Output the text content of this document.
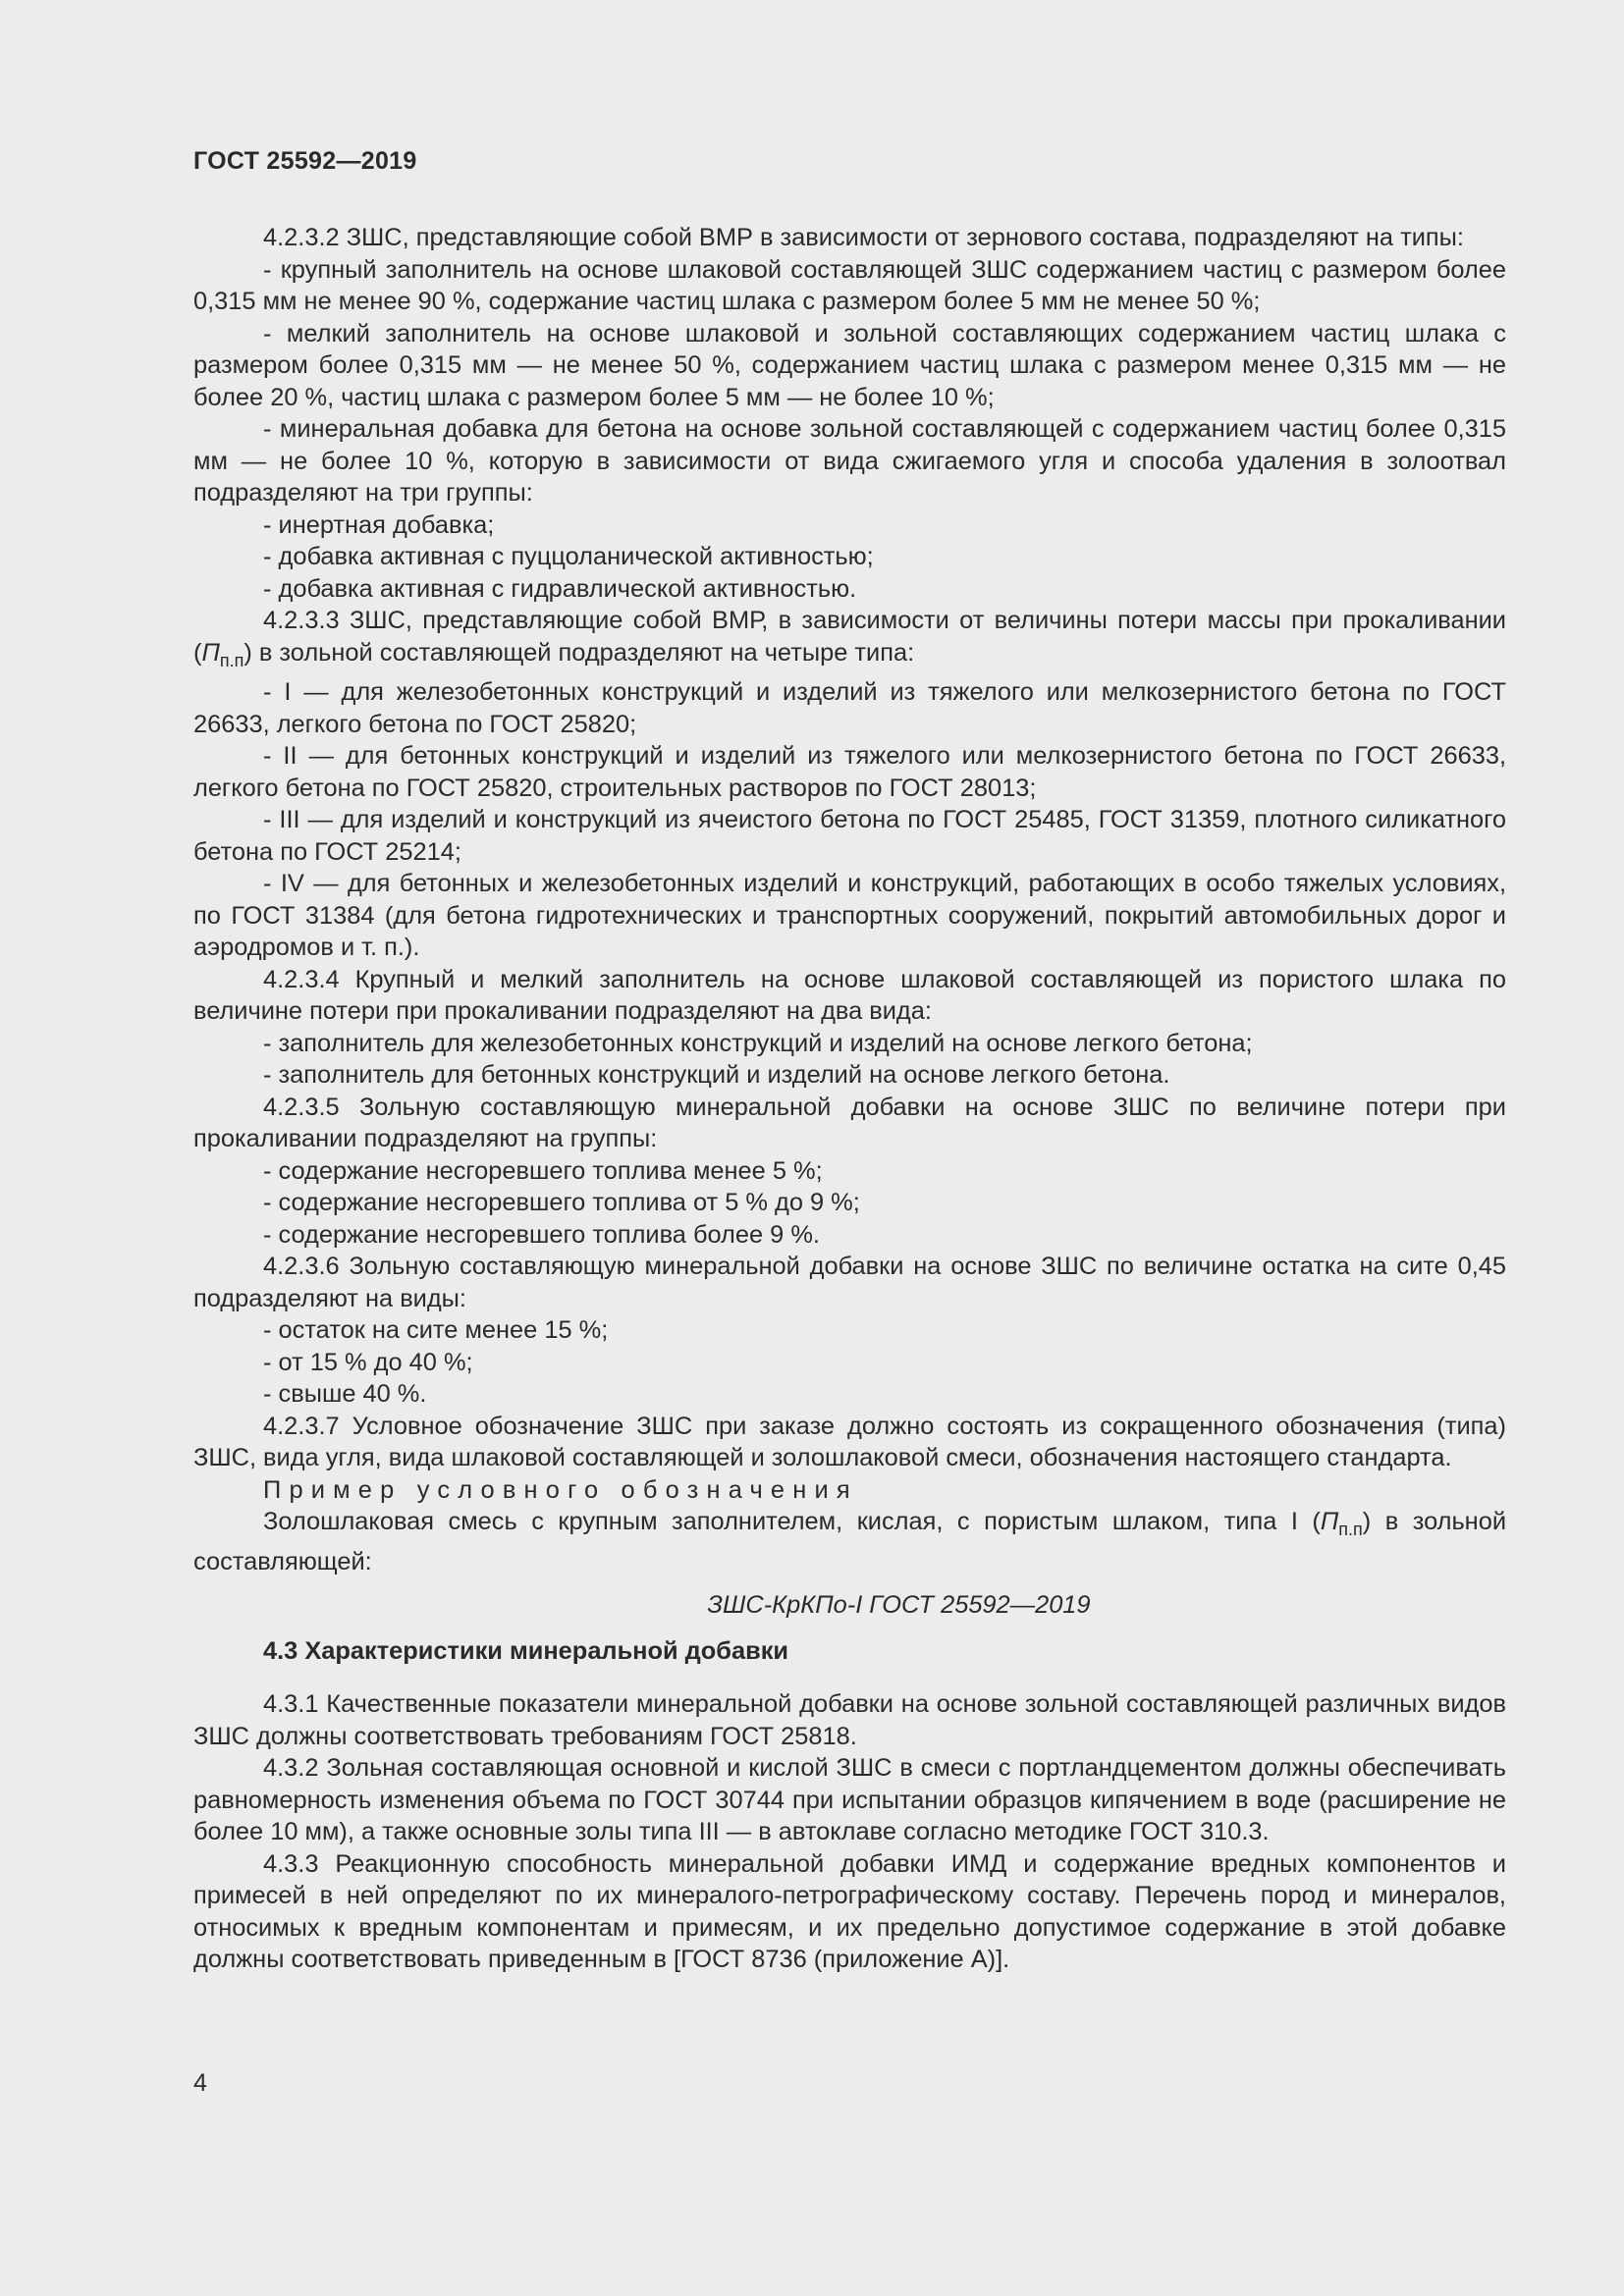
ГОСТ 25592—2019

4.2.3.2 ЗШС, представляющие собой ВМР в зависимости от зернового состава, подразделяют на типы:

- крупный заполнитель на основе шлаковой составляющей ЗШС содержанием частиц с размером более 0,315 мм не менее 90 %, содержание частиц шлака с размером более 5 мм не менее 50 %;

- мелкий заполнитель на основе шлаковой и зольной составляющих содержанием частиц шлака с размером более 0,315 мм — не менее 50 %, содержанием частиц шлака с размером менее 0,315 мм — не более 20 %, частиц шлака с размером более 5 мм — не более 10 %;

- минеральная добавка для бетона на основе зольной составляющей с содержанием частиц более 0,315 мм — не более 10 %, которую в зависимости от вида сжигаемого угля и способа удаления в золоотвал подразделяют на три группы:

- инертная добавка;

- добавка активная с пуццоланической активностью;

- добавка активная с гидравлической активностью.

4.2.3.3 ЗШС, представляющие собой ВМР, в зависимости от величины потери массы при прокаливании $(П_{п.п})$ в зольной составляющей подразделяют на четыре типа:

- I — для железобетонных конструкций и изделий из тяжелого или мелкозернистого бетона по ГОСТ 26633, легкого бетона по ГОСТ 25820;

- II — для бетонных конструкций и изделий из тяжелого или мелкозернистого бетона по ГОСТ 26633, легкого бетона по ГОСТ 25820, строительных растворов по ГОСТ 28013;

- III — для изделий и конструкций из ячеистого бетона по ГОСТ 25485, ГОСТ 31359, плотного силикатного бетона по ГОСТ 25214;

- IV — для бетонных и железобетонных изделий и конструкций, работающих в особо тяжелых условиях, по ГОСТ 31384 (для бетона гидротехнических и транспортных сооружений, покрытий автомобильных дорог и аэродромов и т. п.).

4.2.3.4 Крупный и мелкий заполнитель на основе шлаковой составляющей из пористого шлака по величине потери при прокаливании подразделяют на два вида:

- заполнитель для железобетонных конструкций и изделий на основе легкого бетона;

- заполнитель для бетонных конструкций и изделий на основе легкого бетона.

4.2.3.5 Зольную составляющую минеральной добавки на основе ЗШС по величине потери при прокаливании подразделяют на группы:

- содержание несгоревшего топлива менее 5 %;

- содержание несгоревшего топлива от 5 % до 9 %;

- содержание несгоревшего топлива более 9 %.

4.2.3.6 Зольную составляющую минеральной добавки на основе ЗШС по величине остатка на сите 0,45 подразделяют на виды:

- остаток на сите менее 15 %;

- от 15 % до 40 %;

- свыше 40 %.

4.2.3.7 Условное обозначение ЗШС при заказе должно состоять из сокращенного обозначения (типа) ЗШС, вида угля, вида шлаковой составляющей и золошлаковой смеси, обозначения настоящего стандарта.

Пример условного обозначения

Золошлаковая смесь с крупным заполнителем, кислая, с пористым шлаком, типа I $(П_{п.п})$ в зольной составляющей:

ЗШС-КрКПо-I ГОСТ 25592—2019

4.3 Характеристики минеральной добавки

4.3.1 Качественные показатели минеральной добавки на основе зольной составляющей различных видов ЗШС должны соответствовать требованиям ГОСТ 25818.

4.3.2 Зольная составляющая основной и кислой ЗШС в смеси с портландцементом должны обеспечивать равномерность изменения объема по ГОСТ 30744 при испытании образцов кипячением в воде (расширение не более 10 мм), а также основные золы типа III — в автоклаве согласно методике ГОСТ 310.3.

4.3.3 Реакционную способность минеральной добавки ИМД и содержание вредных компонентов и примесей в ней определяют по их минералого-петрографическому составу. Перечень пород и минералов, относимых к вредным компонентам и примесям, и их предельно допустимое содержание в этой добавке должны соответствовать приведенным в [ГОСТ 8736 (приложение А)].

4
